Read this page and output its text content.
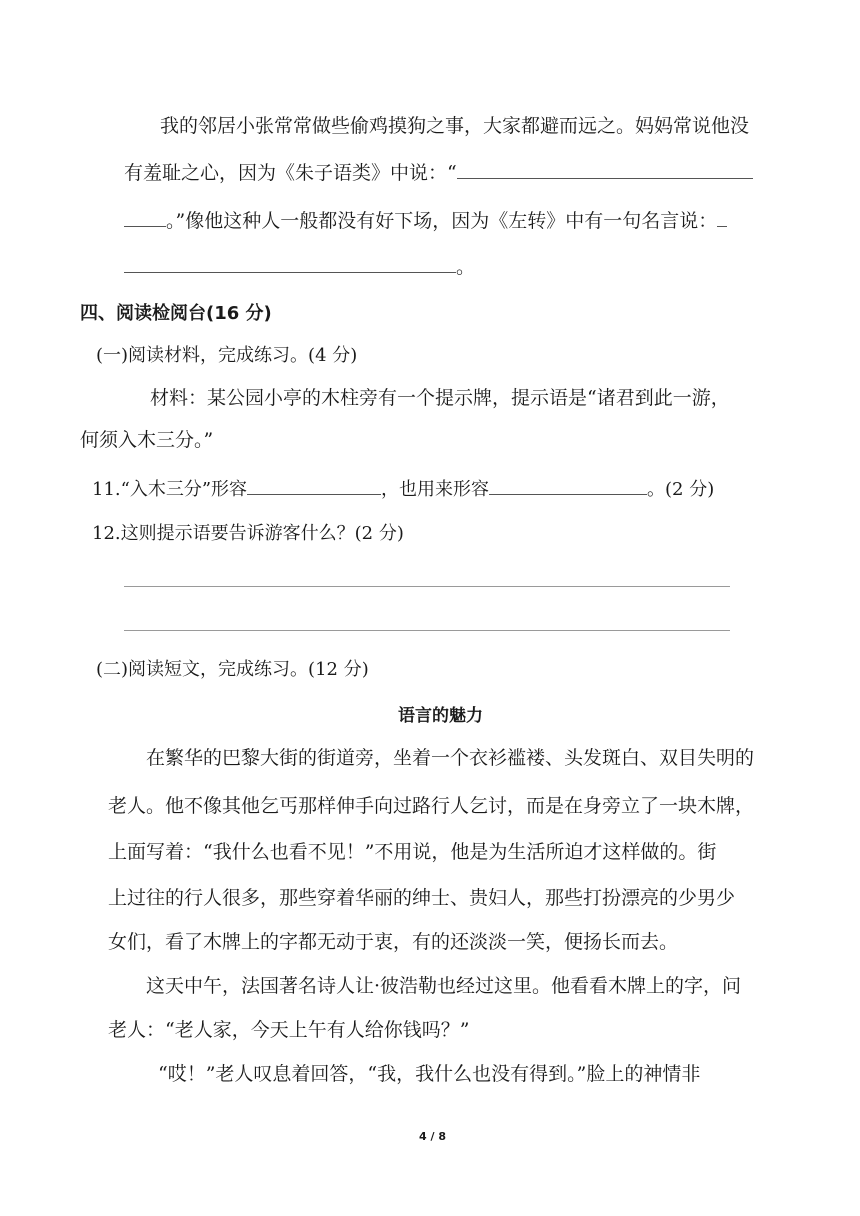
我的邻居小张常常做些偷鸡摸狗之事，大家都避而远之。妈妈常说他没
有羞耻之心，因为《朱子语类》中说：“
。”像他这种人一般都没有好下场，因为《左转》中有一句名言说：
。
四、阅读检阅台(16 分)
(一)阅读材料，完成练习。(4 分)
材料：某公园小亭的木柱旁有一个提示牌，提示语是“诸君到此一游，
何须入木三分。”
11.“入木三分”形容	，也用来形容	。(2 分)
12.这则提示语要告诉游客什么？(2 分)
(二)阅读短文，完成练习。(12 分)
语言的魅力
在繁华的巴黎大街的街道旁，坐着一个衣衫褴褛、头发斑白、双目失明的
老人。他不像其他乞丐那样伸手向过路行人乞讨，而是在身旁立了一块木牌，
上面写着：“我什么也看不见！”不用说，他是为生活所迫才这样做的。街
上过往的行人很多，那些穿着华丽的绅士、贵妇人，那些打扮漂亮的少男少
女们，看了木牌上的字都无动于衷，有的还淡淡一笑，便扬长而去。
这天中午，法国著名诗人让·彼浩勒也经过这里。他看看木牌上的字，问
老人：“老人家，今天上午有人给你钱吗？”
“哎！”老人叹息着回答，“我，我什么也没有得到。”脸上的神情非
4 / 8
